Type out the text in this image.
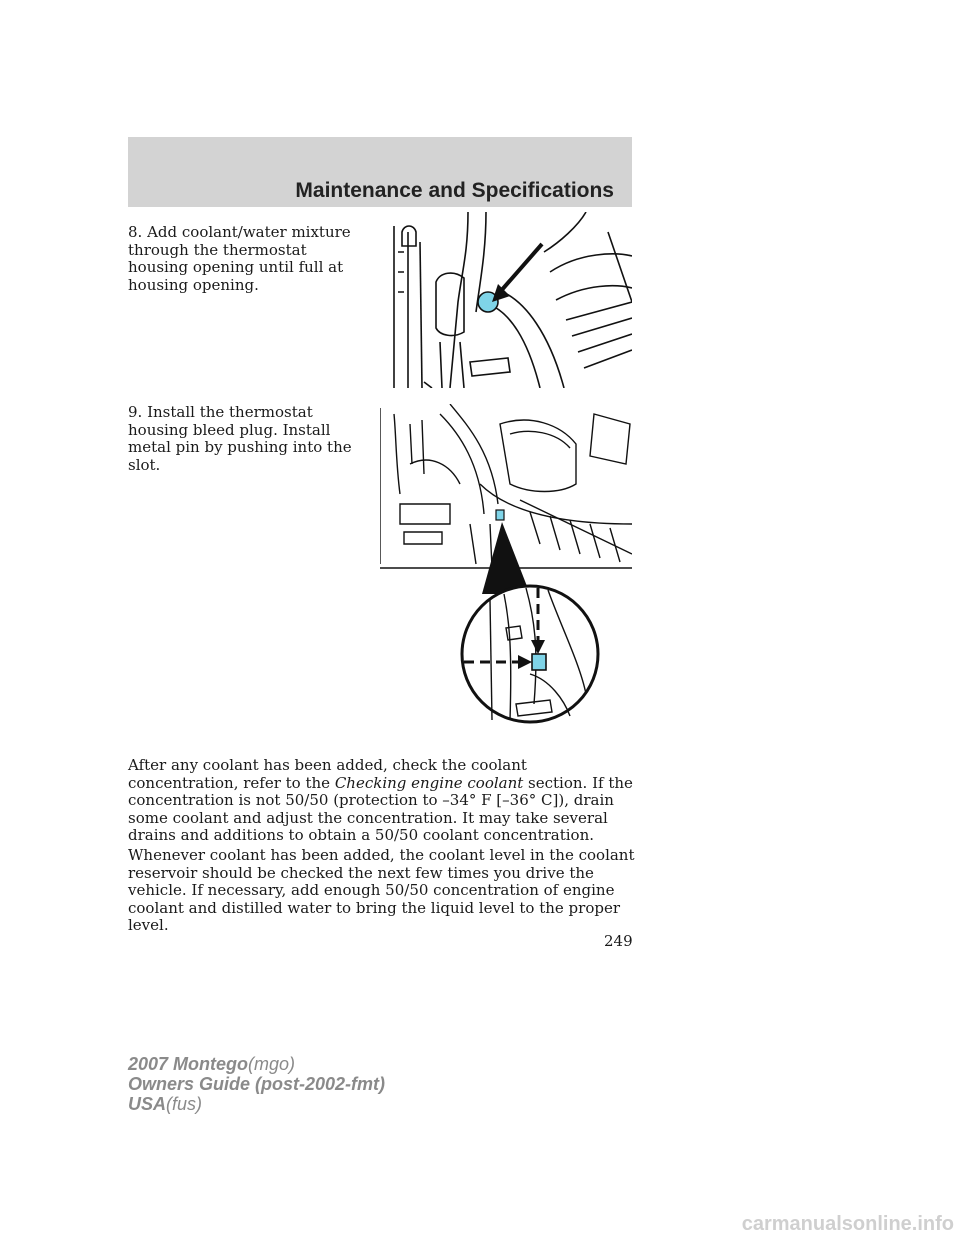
Maintenance and Specifications
8. Add coolant/water mixture through the thermostat housing opening until full at housing opening.
9. Install the thermostat housing bleed plug. Install metal pin by pushing into the slot.

After any coolant has been added, check the coolant concentration, refer to the Checking engine coolant section. If the concentration is not 50/50 (protection to –34° F [–36° C]), drain some coolant and adjust the concentration. It may take several drains and additions to obtain a 50/50 coolant concentration.

Whenever coolant has been added, the coolant level in the coolant reservoir should be checked the next few times you drive the vehicle. If necessary, add enough 50/50 concentration of engine coolant and distilled water to bring the liquid level to the proper level.

249
2007 Montego(mgo)
Owners Guide (post-2002-fmt)
USA(fus)
carmanualsonline.info
